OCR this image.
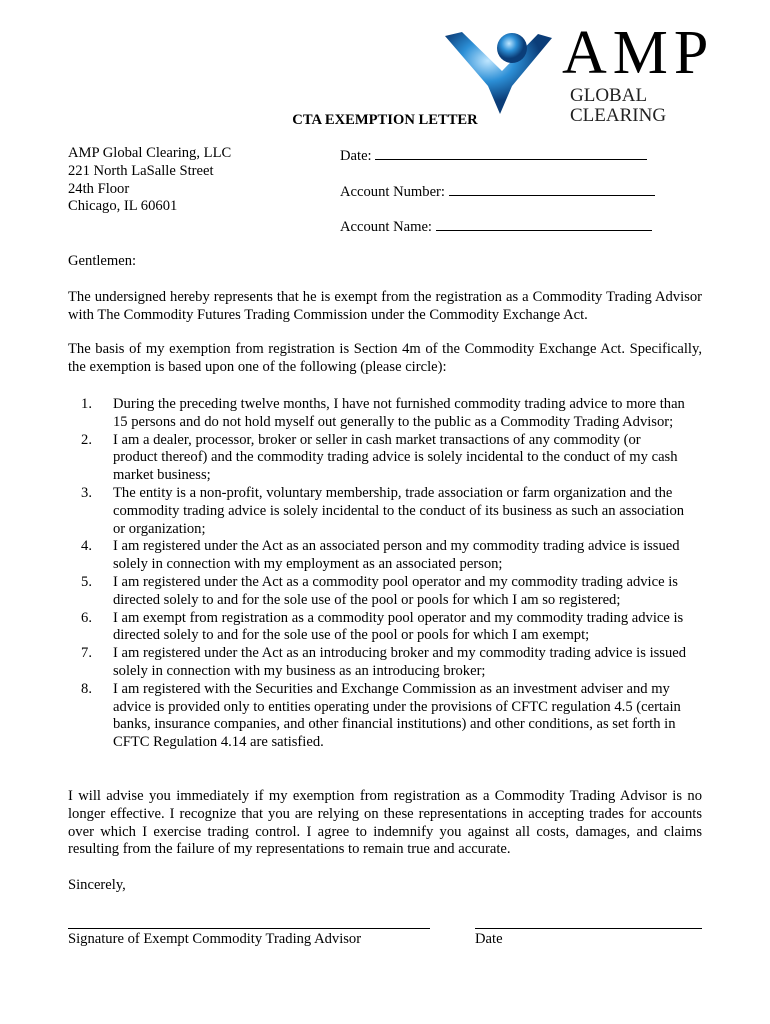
AMP
GLOBAL CLEARING
CTA EXEMPTION LETTER
AMP Global Clearing, LLC
221 North LaSalle Street
24th Floor
Chicago, IL 60601
Date:
Account Number:
Account Name:
Gentlemen:

The undersigned hereby represents that he is exempt from the registration as a Commodity Trading Advisor with The Commodity Futures Trading Commission under the Commodity Exchange Act.

The basis of my exemption from registration is Section 4m of the Commodity Exchange Act. Specifically, the exemption is based upon one of the following (please circle):

1. During the preceding twelve months, I have not furnished commodity trading advice to more than 15 persons and do not hold myself out generally to the public as a Commodity Trading Advisor;
2. I am a dealer, processor, broker or seller in cash market transactions of any commodity (or product thereof) and the commodity trading advice is solely incidental to the conduct of my cash market business;
3. The entity is a non-profit, voluntary membership, trade association or farm organization and the commodity trading advice is solely incidental to the conduct of its business as such an association or organization;
4. I am registered under the Act as an associated person and my commodity trading advice is issued solely in connection with my employment as an associated person;
5. I am registered under the Act as a commodity pool operator and my commodity trading advice is directed solely to and for the sole use of the pool or pools for which I am so registered;
6. I am exempt from registration as a commodity pool operator and my commodity trading advice is directed solely to and for the sole use of the pool or pools for which I am exempt;
7. I am registered under the Act as an introducing broker and my commodity trading advice is issued solely in connection with my business as an introducing broker;
8. I am registered with the Securities and Exchange Commission as an investment adviser and my advice is provided only to entities operating under the provisions of CFTC regulation 4.5 (certain banks, insurance companies, and other financial institutions) and other conditions, as set forth in CFTC Regulation 4.14 are satisfied.

I will advise you immediately if my exemption from registration as a Commodity Trading Advisor is no longer effective. I recognize that you are relying on these representations in accepting trades for accounts over which I exercise trading control. I agree to indemnify you against all costs, damages, and claims resulting from the failure of my representations to remain true and accurate.

Sincerely,
Signature of Exempt Commodity Trading Advisor	Date
